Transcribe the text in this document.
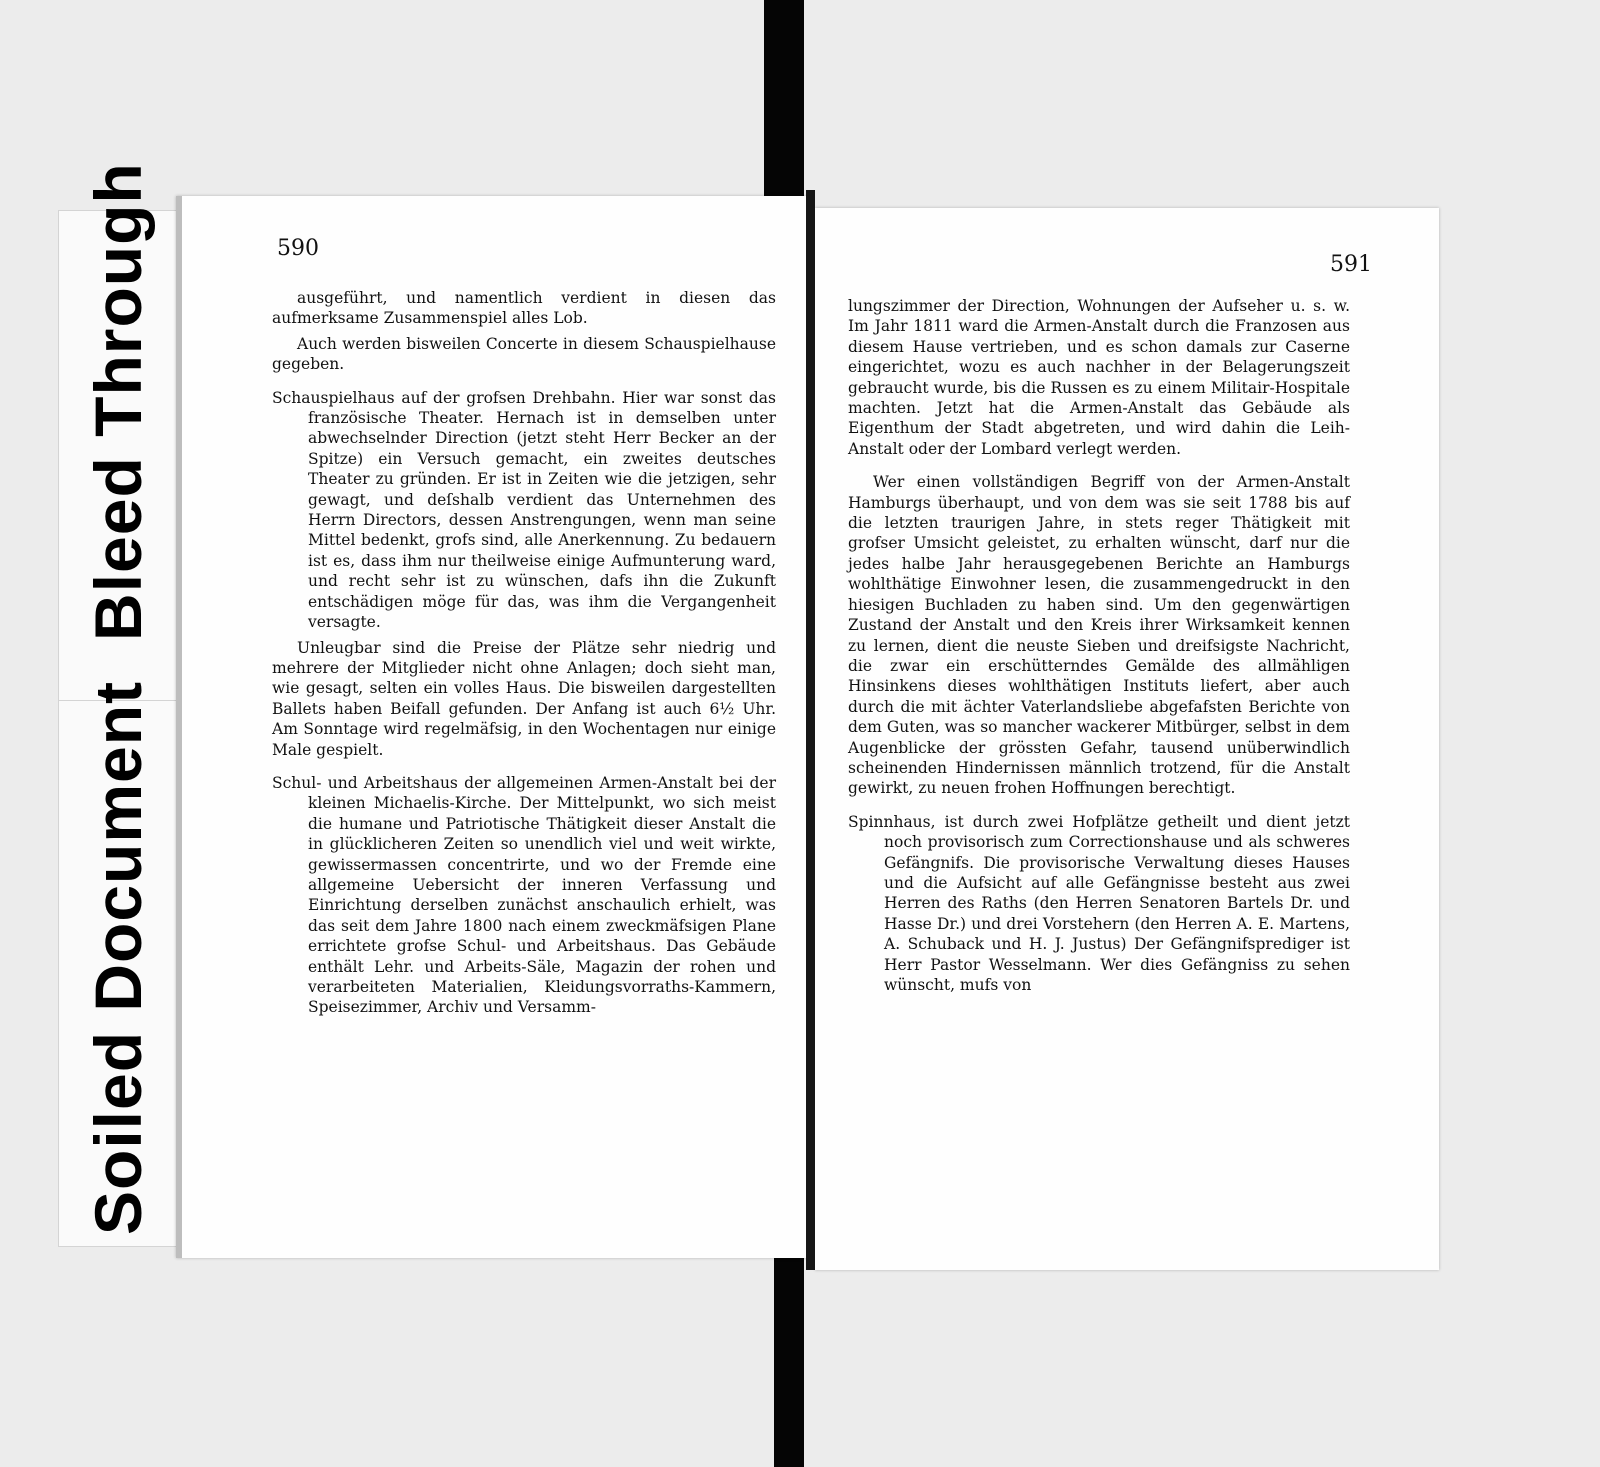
Soiled DocumentBleed Through	590
591

ausgeführt, und namentlich verdient in diesen das aufmerksame Zusammenspiel alles Lob.

Auch werden bisweilen Concerte in diesem Schauspielhause gegeben.

Schauspielhaus auf der grofsen Drehbahn. Hier war sonst das französische Theater. Hernach ist in demselben unter abwechselnder Direction (jetzt steht Herr Becker an der Spitze) ein Versuch gemacht, ein zweites deutsches Theater zu gründen. Er ist in Zeiten wie die jetzigen, sehr gewagt, und deſshalb verdient das Unternehmen des Herrn Directors, dessen Anstrengungen, wenn man seine Mittel bedenkt, grofs sind, alle Anerkennung. Zu bedauern ist es, dass ihm nur theilweise einige Aufmunterung ward, und recht sehr ist zu wünschen, dafs ihn die Zukunft entschädigen möge für das, was ihm die Vergangenheit versagte.

Unleugbar sind die Preise der Plätze sehr niedrig und mehrere der Mitglieder nicht ohne Anlagen; doch sieht man, wie gesagt, selten ein volles Haus. Die bisweilen dargestellten Ballets haben Beifall gefunden. Der Anfang ist auch 6½ Uhr. Am Sonntage wird regelmäfsig, in den Wochentagen nur einige Male gespielt.

Schul- und Arbeitshaus der allgemeinen Armen-Anstalt bei der kleinen Michaelis-Kirche. Der Mittelpunkt, wo sich meist die humane und Patriotische Thätigkeit dieser Anstalt die in glücklicheren Zeiten so unendlich viel und weit wirkte, gewissermassen concentrirte, und wo der Fremde eine allgemeine Uebersicht der inneren Verfassung und Einrichtung derselben zunächst anschaulich erhielt, was das seit dem Jahre 1800 nach einem zweckmäfsigen Plane errichtete grofse Schul- und Arbeitshaus. Das Gebäude enthält Lehr. und Arbeits-Säle, Magazin der rohen und verarbeiteten Materialien, Kleidungsvorraths-Kammern, Speisezimmer, Archiv und Versamm-

lungszimmer der Direction, Wohnungen der Aufseher u. s. w. Im Jahr 1811 ward die Armen-Anstalt durch die Franzosen aus diesem Hause vertrieben, und es schon damals zur Caserne eingerichtet, wozu es auch nachher in der Belagerungszeit gebraucht wurde, bis die Russen es zu einem Militair-Hospitale machten. Jetzt hat die Armen-Anstalt das Gebäude als Eigenthum der Stadt abgetreten, und wird dahin die Leih-Anstalt oder der Lombard verlegt werden.

Wer einen vollständigen Begriff von der Armen-Anstalt Hamburgs überhaupt, und von dem was sie seit 1788 bis auf die letzten traurigen Jahre, in stets reger Thätigkeit mit grofser Umsicht geleistet, zu erhalten wünscht, darf nur die jedes halbe Jahr herausgegebenen Berichte an Hamburgs wohlthätige Einwohner lesen, die zusammengedruckt in den hiesigen Buchladen zu haben sind. Um den gegenwärtigen Zustand der Anstalt und den Kreis ihrer Wirksamkeit kennen zu lernen, dient die neuste Sieben und dreifsigste Nachricht, die zwar ein erschütterndes Gemälde des allmähligen Hinsinkens dieses wohlthätigen Instituts liefert, aber auch durch die mit ächter Vaterlandsliebe abgefafsten Berichte von dem Guten, was so mancher wackerer Mitbürger, selbst in dem Augenblicke der grössten Gefahr, tausend unüberwindlich scheinenden Hindernissen männlich trotzend, für die Anstalt gewirkt, zu neuen frohen Hoffnungen berechtigt.

Spinnhaus, ist durch zwei Hofplätze getheilt und dient jetzt noch provisorisch zum Correctionshause und als schweres Gefängnifs. Die provisorische Verwaltung dieses Hauses und die Aufsicht auf alle Gefängnisse besteht aus zwei Herren des Raths (den Herren Senatoren Bartels Dr. und Hasse Dr.) und drei Vorstehern (den Herren A. E. Martens, A. Schuback und H. J. Justus) Der Gefängnifsprediger ist Herr Pastor Wesselmann. Wer dies Gefängniss zu sehen wünscht, mufs von
